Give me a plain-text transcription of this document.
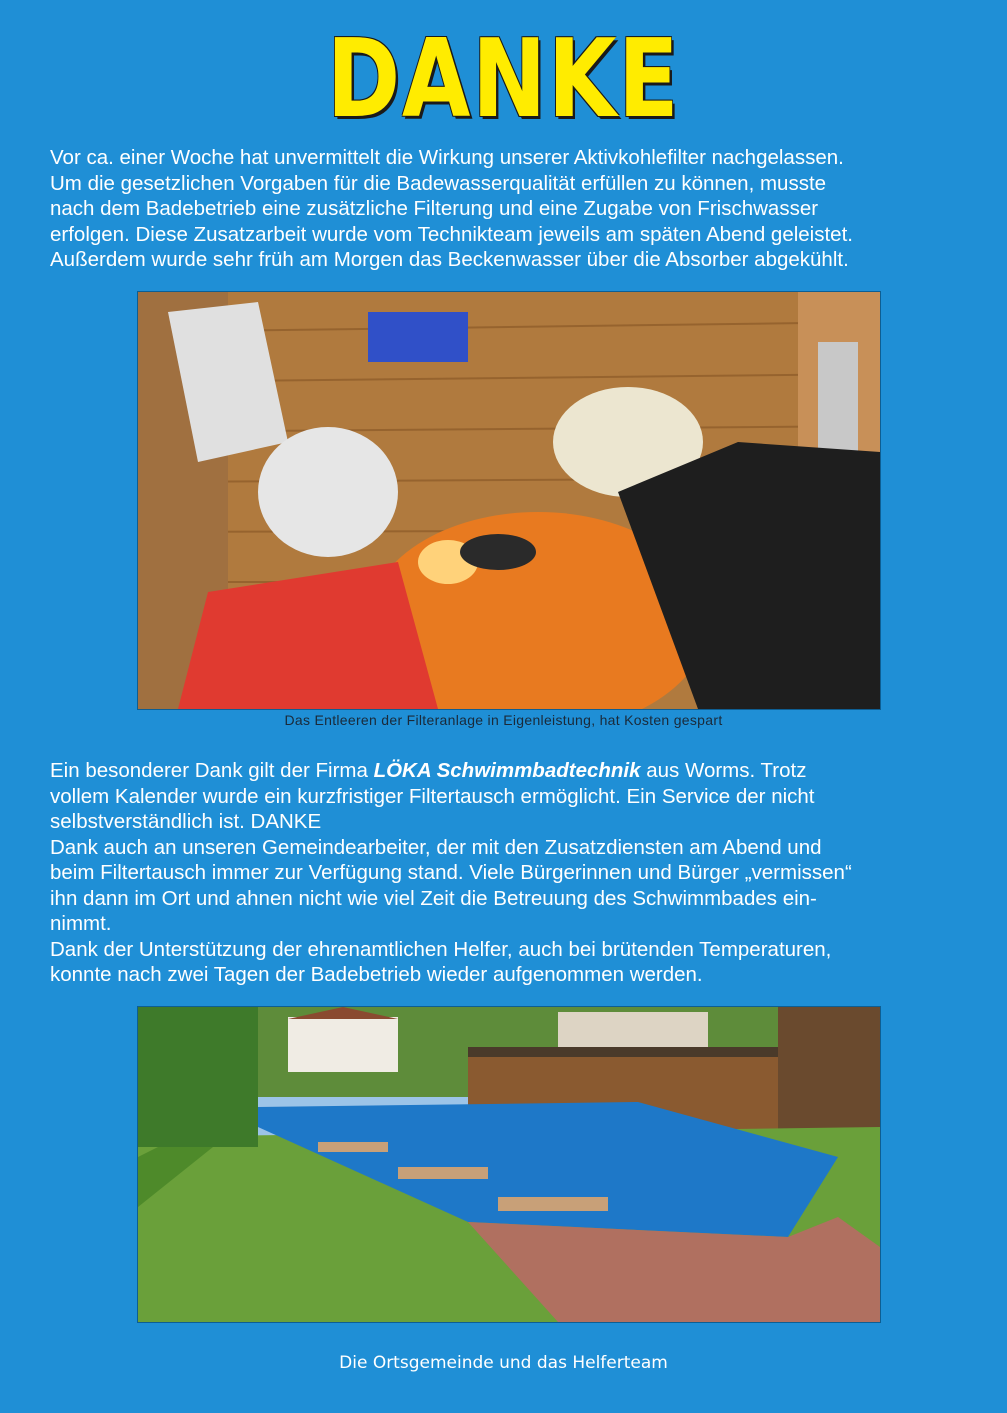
DANKE

Vor ca. einer Woche hat unvermittelt die Wirkung unserer Aktivkohlefilter nachgelassen.

Um die gesetzlichen Vorgaben für die Badewasserqualität erfüllen zu können, musste

nach dem Badebetrieb eine zusätzliche Filterung und eine Zugabe von Frischwasser

erfolgen. Diese Zusatzarbeit wurde vom Technikteam jeweils am späten Abend geleistet.

Außerdem wurde sehr früh am Morgen das Beckenwasser über die Absorber abgekühlt.

Das Entleeren der Filteranlage in Eigenleistung, hat Kosten gespart

Ein besonderer Dank gilt der Firma LÖKA Schwimmbadtechnik aus Worms. Trotz

vollem Kalender wurde ein kurzfristiger Filtertausch ermöglicht. Ein Service der nicht

selbstverständlich ist. DANKE

Dank auch an unseren Gemeindearbeiter, der mit den Zusatzdiensten am Abend und

beim Filtertausch immer zur Verfügung stand. Viele Bürgerinnen und Bürger „vermissen“

ihn dann im Ort und ahnen nicht wie viel Zeit die Betreuung des Schwimmbades ein-

nimmt.

Dank der Unterstützung der ehrenamtlichen Helfer, auch bei brütenden Temperaturen,

konnte nach zwei Tagen der Badebetrieb wieder aufgenommen werden.

Die Ortsgemeinde und das Helferteam
